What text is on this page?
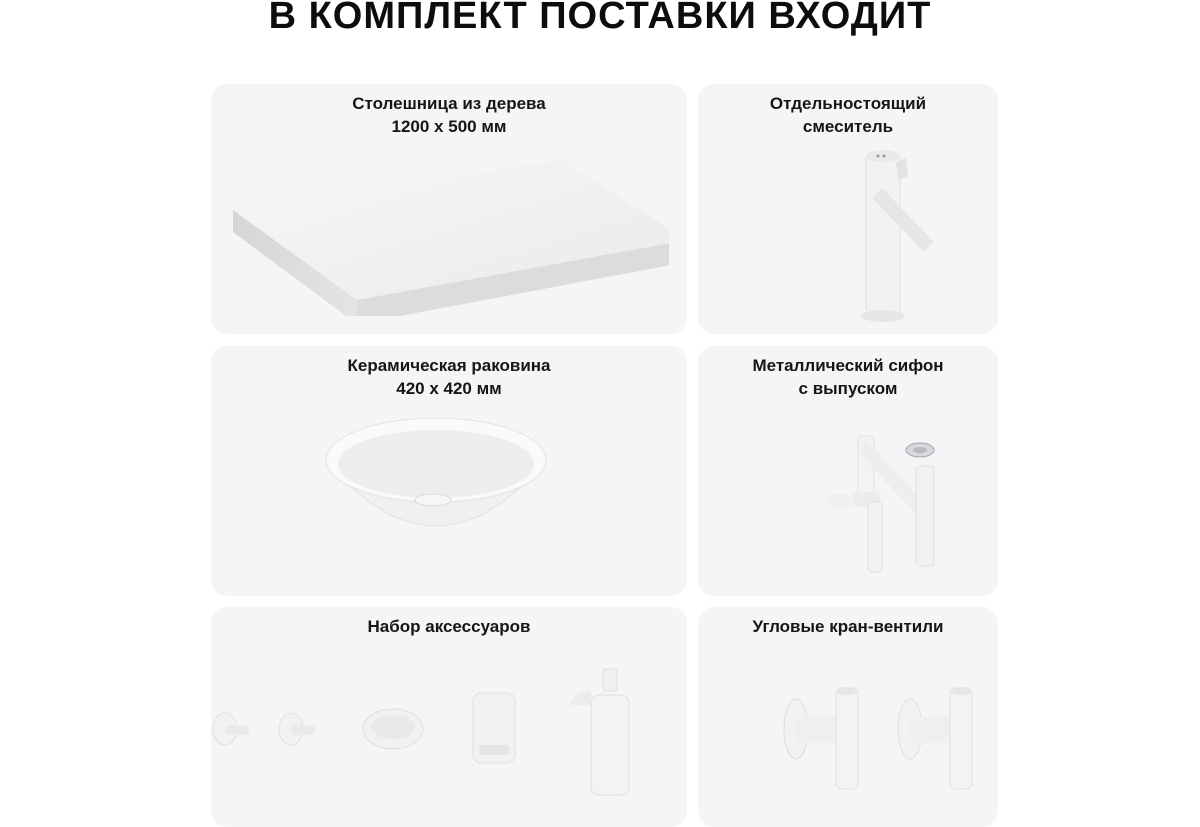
В КОМПЛЕКТ ПОСТАВКИ ВХОДИТ
Столешница из дерева
1200 х 500 мм
Отдельностоящий
смеситель
Керамическая раковина
420 х 420 мм
Металлический сифон
с выпуском
Набор аксессуаров	Угловые кран-вентили
